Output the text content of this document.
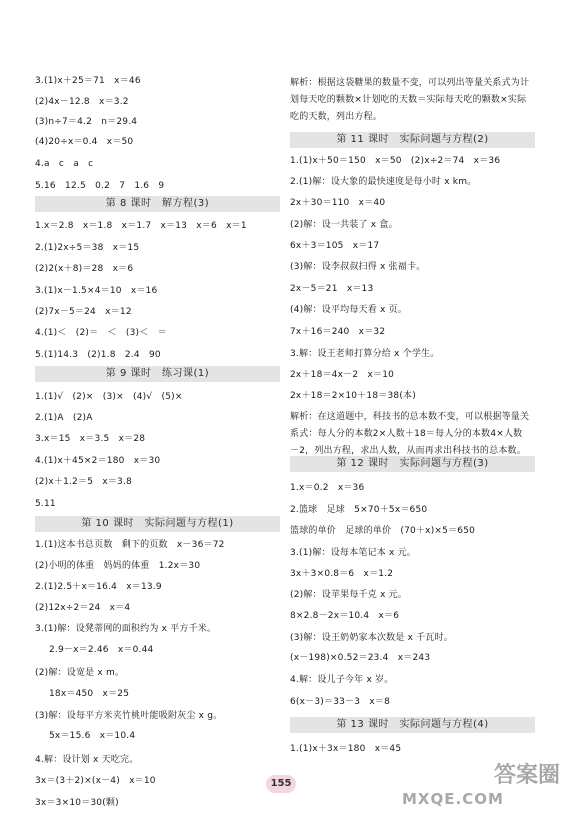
3.(1)x＋25＝71　x＝46
(2)4x－12.8　x＝3.2
(3)n÷7＝4.2　n＝29.4
(4)20÷x＝0.4　x＝50
4.a　c　a　c
5.16　12.5　0.2　7　1.6　9
第 8 课时　解方程(3)
1.x＝2.8　x＝1.8　x＝1.7　x＝13　x＝6　x＝1
2.(1)2x÷5＝38　x＝15
(2)2(x＋8)＝28　x＝6
3.(1)x－1.5×4＝10　x＝16
(2)7x－5＝24　x＝12
4.(1)＜　(2)＝　＜　(3)＜　＝
5.(1)14.3　(2)1.8　2.4　90
第 9 课时　练习课(1)
1.(1)√　(2)×　(3)×　(4)√　(5)×
2.(1)A　(2)A
3.x＝15　x＝3.5　x＝28
4.(1)x＋45×2＝180　x＝30
(2)x＋1.2＝5　x＝3.8
5.11
第 10 课时　实际问题与方程(1)
1.(1)这本书总页数　剩下的页数　x－36＝72
(2)小明的体重　妈妈的体重　1.2x＝30
2.(1)2.5＋x＝16.4　x＝13.9
(2)12x÷2＝24　x＝4
3.(1)解：设凳蒂网的面积约为 x 平方千米。
2.9－x＝2.46　x＝0.44
(2)解：设宽是 x m。
18x＝450　x＝25
(3)解：设每平方米夹竹桃叶能吸附灰尘 x g。
5x＝15.6　x＝10.4
4.解：设计划 x 天吃完。
3x＝(3＋2)×(x－4)　x＝10
3x＝3×10＝30(颗)
解析：根据这袋糖果的数量不变，可以列出等量关系式为计划每天吃的颗数×计划吃的天数＝实际每天吃的颗数×实际吃的天数，列出方程。
第 11 课时　实际问题与方程(2)
1.(1)x＋50＝150　x＝50　(2)x÷2＝74　x＝36
2.(1)解：设大象的最快速度是每小时 x km。
2x＋30＝110　x＝40
(2)解：设一共装了 x 盒。
6x＋3＝105　x＝17
(3)解：设李叔叔扫得 x 张福卡。
2x－5＝21　x＝13
(4)解：设平均每天看 x 页。
7x＋16＝240　x＝32
3.解：设王老师打算分给 x 个学生。
2x＋18＝4x－2　x＝10
2x＋18＝2×10＋18＝38(本)
解析：在这道题中，科技书的总本数不变，可以根据等量关系式：每人分的本数2×人数＋18＝每人分的本数4×人数－2，列出方程，求出人数，从而再求出科技书的总本数。
第 12 课时　实际问题与方程(3)
1.x＝0.2　x＝36
2.篮球　足球　5×70＋5x＝650
篮球的单价　足球的单价　(70＋x)×5＝650
3.(1)解：设每本笔记本 x 元。
3x＋3×0.8＝6　x＝1.2
(2)解：设苹果每千克 x 元。
8×2.8－2x＝10.4　x＝6
(3)解：设王奶奶家本次数是 x 千瓦时。
(x－198)×0.52＝23.4　x＝243
4.解：设儿子今年 x 岁。
6(x－3)＝33－3　x＝8
第 13 课时　实际问题与方程(4)
1.(1)x＋3x＝180　x＝45
155	答案圈
MXQE.COM
